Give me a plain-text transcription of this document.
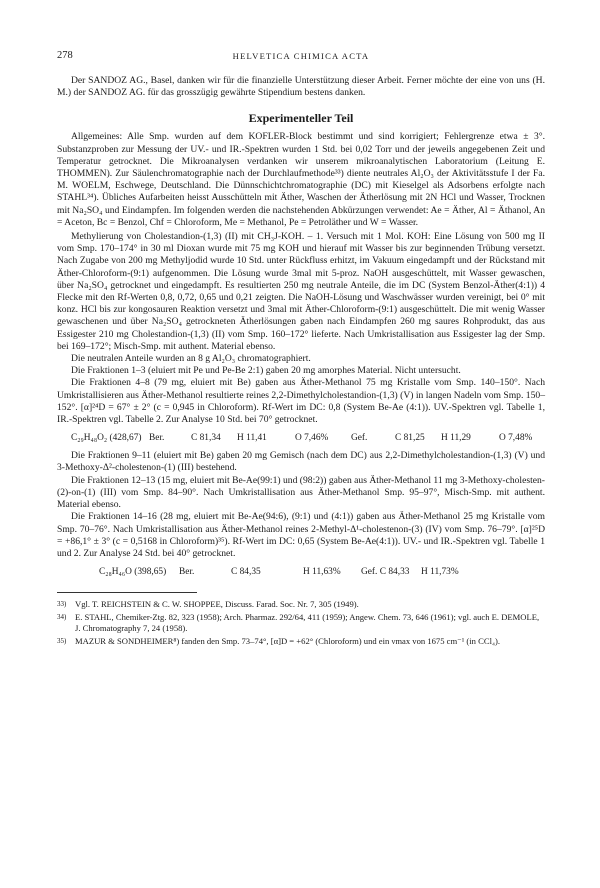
278	HELVETICA CHIMICA ACTA

Der SANDOZ AG., Basel, danken wir für die finanzielle Unterstützung dieser Arbeit. Ferner möchte der eine von uns (H. M.) der SANDOZ AG. für das grosszügig gewährte Stipendium bestens danken.

Experimenteller Teil

Allgemeines: Alle Smp. wurden auf dem KOFLER-Block bestimmt und sind korrigiert; Fehlergrenze etwa ± 3°. Substanzproben zur Messung der UV.- und IR.-Spektren wurden 1 Std. bei 0,02 Torr und der jeweils angegebenen Zeit und Temperatur getrocknet. Die Mikroanalysen verdanken wir unserem mikroanalytischen Laboratorium (Leitung E. THOMMEN). Zur Säulenchromatographie nach der Durchlaufmethode³³) diente neutrales Al₂O₃ der Aktivitätsstufe I der Fa. M. WOELM, Eschwege, Deutschland. Die Dünnschichtchromatographie (DC) mit Kieselgel als Adsorbens erfolgte nach STAHL³⁴). Übliches Aufarbeiten heisst Ausschütteln mit Äther, Waschen der Ätherlösung mit 2N HCl und Wasser, Trocknen mit Na₂SO₄ und Eindampfen. Im folgenden werden die nachstehenden Abkürzungen verwendet: Ae = Äther, Al = Äthanol, An = Aceton, Bc = Benzol, Chf = Chloroform, Me = Methanol, Pe = Petroläther und W = Wasser.

Methylierung von Cholestandion-(1,3) (II) mit CH₃J-KOH. – 1. Versuch mit 1 Mol. KOH: Eine Lösung von 500 mg II vom Smp. 170–174° in 30 ml Dioxan wurde mit 75 mg KOH und hierauf mit Wasser bis zur beginnenden Trübung versetzt. Nach Zugabe von 200 mg Methyljodid wurde 10 Std. unter Rückfluss erhitzt, im Vakuum eingedampft und der Rückstand mit Äther-Chloroform-(9:1) aufgenommen. Die Lösung wurde 3mal mit 5-proz. NaOH ausgeschüttelt, mit Wasser gewaschen, über Na₂SO₄ getrocknet und eingedampft. Es resultierten 250 mg neutrale Anteile, die im DC (System Benzol-Äther(4:1)) 4 Flecke mit den Rf-Werten 0,8, 0,72, 0,65 und 0,21 zeigten. Die NaOH-Lösung und Waschwässer wurden vereinigt, bei 0° mit konz. HCl bis zur kongosauren Reaktion versetzt und 3mal mit Äther-Chloroform-(9:1) ausgeschüttelt. Die mit wenig Wasser gewaschenen und über Na₂SO₄ getrockneten Ätherlösungen gaben nach Eindampfen 260 mg saures Rohprodukt, das aus Essigester 210 mg Cholestandion-(1,3) (II) vom Smp. 160–172° lieferte. Nach Umkristallisation aus Essigester lag der Smp. bei 169–172°; Misch-Smp. mit authent. Material ebenso.

Die neutralen Anteile wurden an 8 g Al₂O₃ chromatographiert.

Die Fraktionen 1–3 (eluiert mit Pe und Pe-Be 2:1) gaben 20 mg amorphes Material. Nicht untersucht.

Die Fraktionen 4–8 (79 mg, eluiert mit Be) gaben aus Äther-Methanol 75 mg Kristalle vom Smp. 140–150°. Nach Umkristallisieren aus Äther-Methanol resultierte reines 2,2-Dimethylcholestandion-(1,3) (V) in langen Nadeln vom Smp. 150–152°. [α]²⁴D = 67° ± 2° (c = 0,945 in Chloroform). Rf-Wert im DC: 0,8 (System Be-Ae (4:1)). UV.-Spektren vgl. Tabelle 1, IR.-Spektren vgl. Tabelle 2. Zur Analyse 10 Std. bei 70° getrocknet.

C₂₉H₄₈O₂ (428,67) Ber.	C 81,34 H 11,41	O 7,46% Gef.	C 81,25 H 11,29	O 7,48%

Die Fraktionen 9–11 (eluiert mit Be) gaben 20 mg Gemisch (nach dem DC) aus 2,2-Dimethylcholestandion-(1,3) (V) und 3-Methoxy-Δ²-cholestenon-(1) (III) bestehend.

Die Fraktionen 12–13 (15 mg, eluiert mit Be-Ae(99:1) und (98:2)) gaben aus Äther-Methanol 11 mg 3-Methoxy-cholesten-(2)-on-(1) (III) vom Smp. 84–90°. Nach Umkristallisation aus Äther-Methanol Smp. 95–97°, Misch-Smp. mit authent. Material ebenso.

Die Fraktionen 14–16 (28 mg, eluiert mit Be-Ae(94:6), (9:1) und (4:1)) gaben aus Äther-Methanol 25 mg Kristalle vom Smp. 70–76°. Nach Umkristallisation aus Äther-Methanol reines 2-Methyl-Δ¹-cholestenon-(3) (IV) vom Smp. 76–79°. [α]²⁵D = +86,1° ± 3° (c = 0,5168 in Chloroform)³⁵). Rf-Wert im DC: 0,65 (System Be-Ae(4:1)). UV.- und IR.-Spektren vgl. Tabelle 1 und 2. Zur Analyse 24 Std. bei 40° getrocknet.

C₂₈H₄₆O (398,65) Ber.	C 84,35	H 11,63% Gef. C 84,33 H 11,73%
33) Vgl. T. REICHSTEIN & C. W. SHOPPEE, Discuss. Farad. Soc. Nr. 7, 305 (1949).
34) E. STAHL, Chemiker-Ztg. 82, 323 (1958); Arch. Pharmaz. 292/64, 411 (1959); Angew. Chem. 73, 646 (1961); vgl. auch E. DEMOLE, J. Chromatography 7, 24 (1958).
35) MAZUR & SONDHEIMER⁸) fanden den Smp. 73–74°, [α]D = +62° (Chloroform) und ein νmax von 1675 cm⁻¹ (in CCl₄).
